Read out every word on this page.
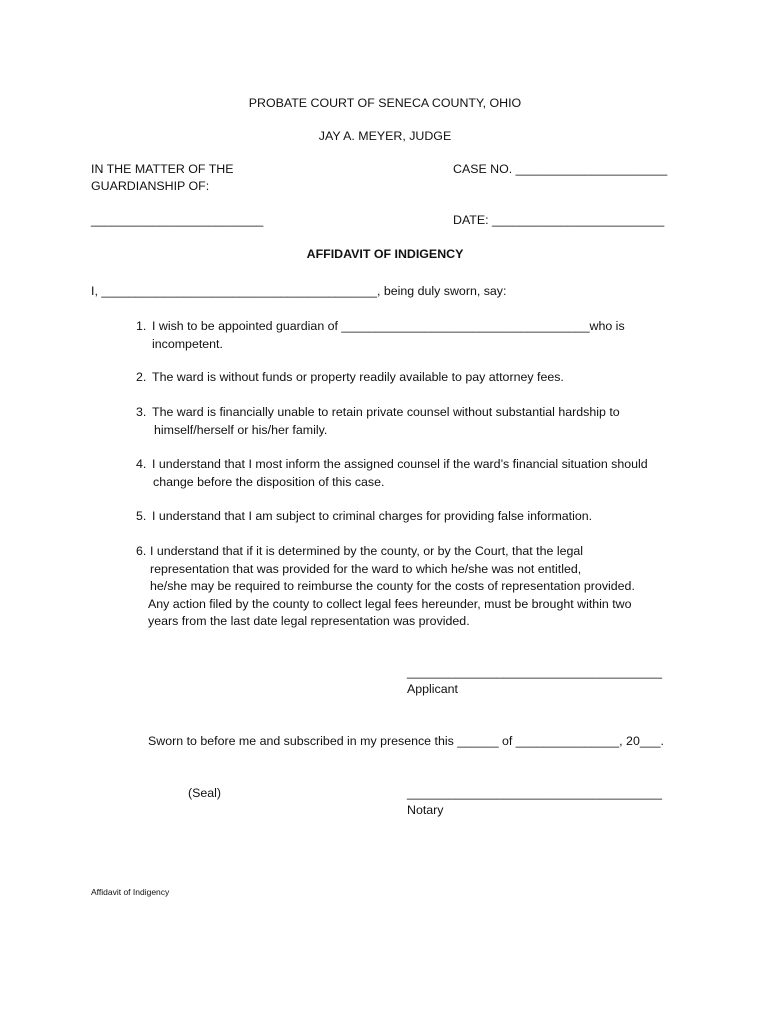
PROBATE COURT OF SENECA COUNTY, OHIO
JAY A. MEYER, JUDGE
IN THE MATTER OF THE
GUARDIANSHIP OF:
CASE NO. ______________________
_________________________	DATE: _________________________
AFFIDAVIT OF INDIGENCY
I, ________________________________________, being duly sworn, say:
1. I wish to be appointed guardian of ____________________________________who is
incompetent.
2. The ward is without funds or property readily available to pay attorney fees.
3. The ward is financially unable to retain private counsel without substantial hardship to
himself/herself or his/her family.
4. I understand that I most inform the assigned counsel if the ward’s financial situation should
change before the disposition of this case.
5. I understand that I am subject to criminal charges for providing false information.
6. I understand that if it is determined by the county, or by the Court, that the legal
representation that was provided for the ward to which he/she was not entitled,
he/she may be required to reimburse the county for the costs of representation provided.
Any action filed by the county to collect legal fees hereunder, must be brought within two
years from the last date legal representation was provided.
_____________________________________
Applicant
Sworn to before me and subscribed in my presence this ______ of _______________, 20___.
(Seal)	_____________________________________
Notary
Affidavit of Indigency
